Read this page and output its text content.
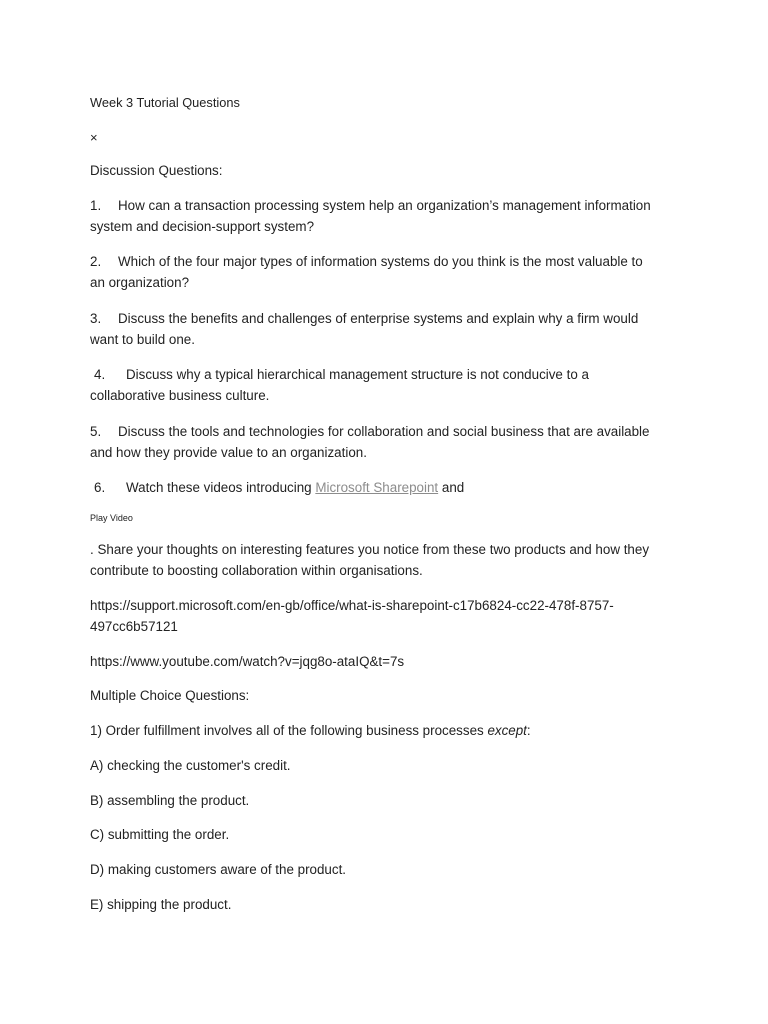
Week 3 Tutorial Questions
×
Discussion Questions:
1. How can a transaction processing system help an organization’s management information
system and decision-support system?
2. Which of the four major types of information systems do you think is the most valuable to
an organization?
3. Discuss the benefits and challenges of enterprise systems and explain why a firm would
want to build one.
4. Discuss why a typical hierarchical management structure is not conducive to a
collaborative business culture.
5. Discuss the tools and technologies for collaboration and social business that are available
and how they provide value to an organization.
6. Watch these videos introducing Microsoft Sharepoint and
Play Video
. Share your thoughts on interesting features you notice from these two products and how they
contribute to boosting collaboration within organisations.
https://support.microsoft.com/en-gb/office/what-is-sharepoint-c17b6824-cc22-478f-8757-
497cc6b57121
https://www.youtube.com/watch?v=jqg8o-ataIQ&t=7s
Multiple Choice Questions:
1) Order fulfillment involves all of the following business processes except:
A) checking the customer's credit.
B) assembling the product.
C) submitting the order.
D) making customers aware of the product.
E) shipping the product.
